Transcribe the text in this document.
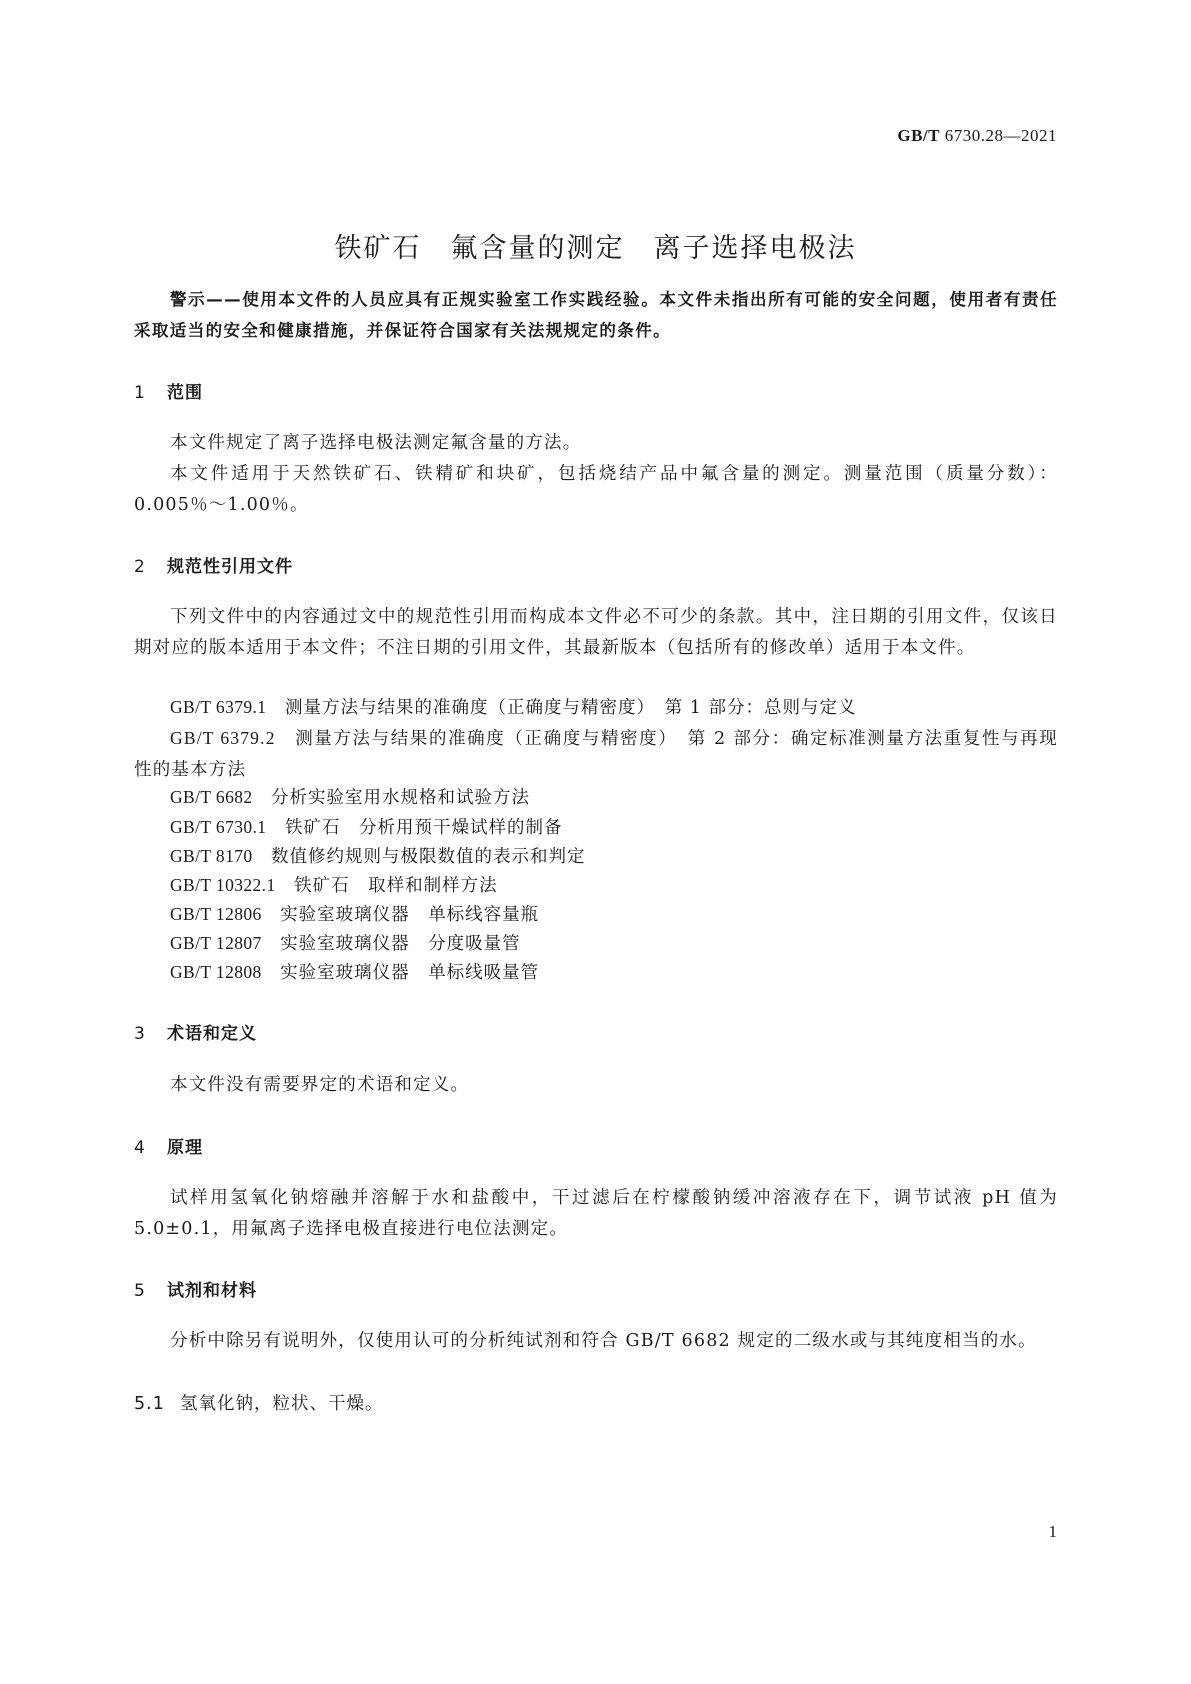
GB/T 6730.28—2021
铁矿石　氟含量的测定　离子选择电极法

警示——使用本文件的人员应具有正规实验室工作实践经验。本文件未指出所有可能的安全问题，使用者有责任采取适当的安全和健康措施，并保证符合国家有关法规规定的条件。

1 范围

本文件规定了离子选择电极法测定氟含量的方法。

本文件适用于天然铁矿石、铁精矿和块矿，包括烧结产品中氟含量的测定。测量范围（质量分数）：0.005％～1.00％。

2 规范性引用文件

下列文件中的内容通过文中的规范性引用而构成本文件必不可少的条款。其中，注日期的引用文件，仅该日期对应的版本适用于本文件；不注日期的引用文件，其最新版本（包括所有的修改单）适用于本文件。

GB/T 6379.1　 测量方法与结果的准确度（正确度与精密度）　第 1 部分：总则与定义

GB/T 6379.2　 测量方法与结果的准确度（正确度与精密度）　第 2 部分：确定标准测量方法重复性与再现性的基本方法

GB/T 6682　 分析实验室用水规格和试验方法
GB/T 6730.1　 铁矿石　分析用预干燥试样的制备
GB/T 8170　 数值修约规则与极限数值的表示和判定
GB/T 10322.1　 铁矿石　取样和制样方法
GB/T 12806　 实验室玻璃仪器　单标线容量瓶
GB/T 12807　 实验室玻璃仪器　分度吸量管
GB/T 12808　 实验室玻璃仪器　单标线吸量管
3 术语和定义

本文件没有需要界定的术语和定义。

4 原理

试样用氢氧化钠熔融并溶解于水和盐酸中，干过滤后在柠檬酸钠缓冲溶液存在下，调节试液 pH 值为 5.0±0.1，用氟离子选择电极直接进行电位法测定。

5 试剂和材料

分析中除另有说明外，仅使用认可的分析纯试剂和符合 GB/T 6682 规定的二级水或与其纯度相当的水。

5.1 氢氧化钠，粒状、干燥。
1
